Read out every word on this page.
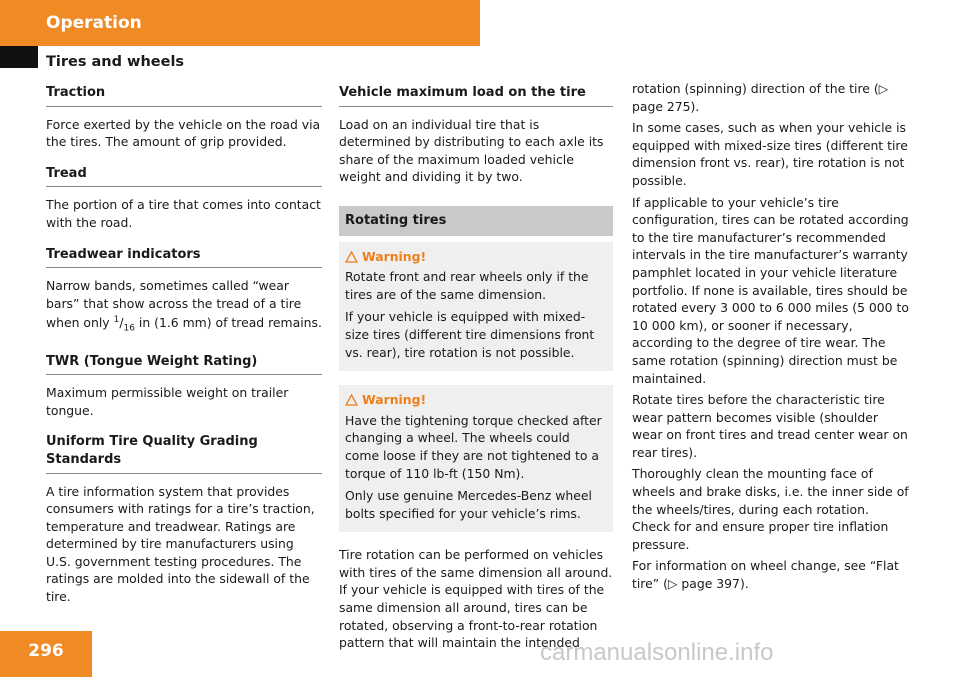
Operation
Tires and wheels
Traction

Force exerted by the vehicle on the road via the tires. The amount of grip provided.

Tread

The portion of a tire that comes into contact with the road.

Treadwear indicators

Narrow bands, sometimes called “wear bars” that show across the tread of a tire when only $^1/_{16}$ in (1.6 mm) of tread remains.

TWR (Tongue Weight Rating)

Maximum permissible weight on trailer tongue.

Uniform Tire Quality Grading Standards

A tire information system that provides consumers with ratings for a tire’s traction, temperature and treadwear. Ratings are determined by tire manufacturers using U.S. government testing procedures. The ratings are molded into the sidewall of the tire.

Vehicle maximum load on the tire

Load on an individual tire that is determined by distributing to each axle its share of the maximum loaded vehicle weight and dividing it by two.

Rotating tires
Warning!

Rotate front and rear wheels only if the tires are of the same dimension.

If your vehicle is equipped with mixed-size tires (different tire dimensions front vs. rear), tire rotation is not possible.

Warning!

Have the tightening torque checked after changing a wheel. The wheels could come loose if they are not tightened to a torque of 110 lb-ft (150 Nm).

Only use genuine Mercedes-Benz wheel bolts specified for your vehicle’s rims.

Tire rotation can be performed on vehicles with tires of the same dimension all around. If your vehicle is equipped with tires of the same dimension all around, tires can be rotated, observing a front-to-rear rotation pattern that will maintain the intended

rotation (spinning) direction of the tire (▷ page 275).

In some cases, such as when your vehicle is equipped with mixed-size tires (different tire dimension front vs. rear), tire rotation is not possible.

If applicable to your vehicle’s tire configuration, tires can be rotated according to the tire manufacturer’s recommended intervals in the tire manufacturer’s warranty pamphlet located in your vehicle literature portfolio. If none is available, tires should be rotated every 3 000 to 6 000 miles (5 000 to 10 000 km), or sooner if necessary, according to the degree of tire wear. The same rotation (spinning) direction must be maintained.

Rotate tires before the characteristic tire wear pattern becomes visible (shoulder wear on front tires and tread center wear on rear tires).

Thoroughly clean the mounting face of wheels and brake disks, i.e. the inner side of the wheels/tires, during each rotation. Check for and ensure proper tire inflation pressure.

For information on wheel change, see “Flat tire” (▷ page 397).

296	carmanualsonline.info
